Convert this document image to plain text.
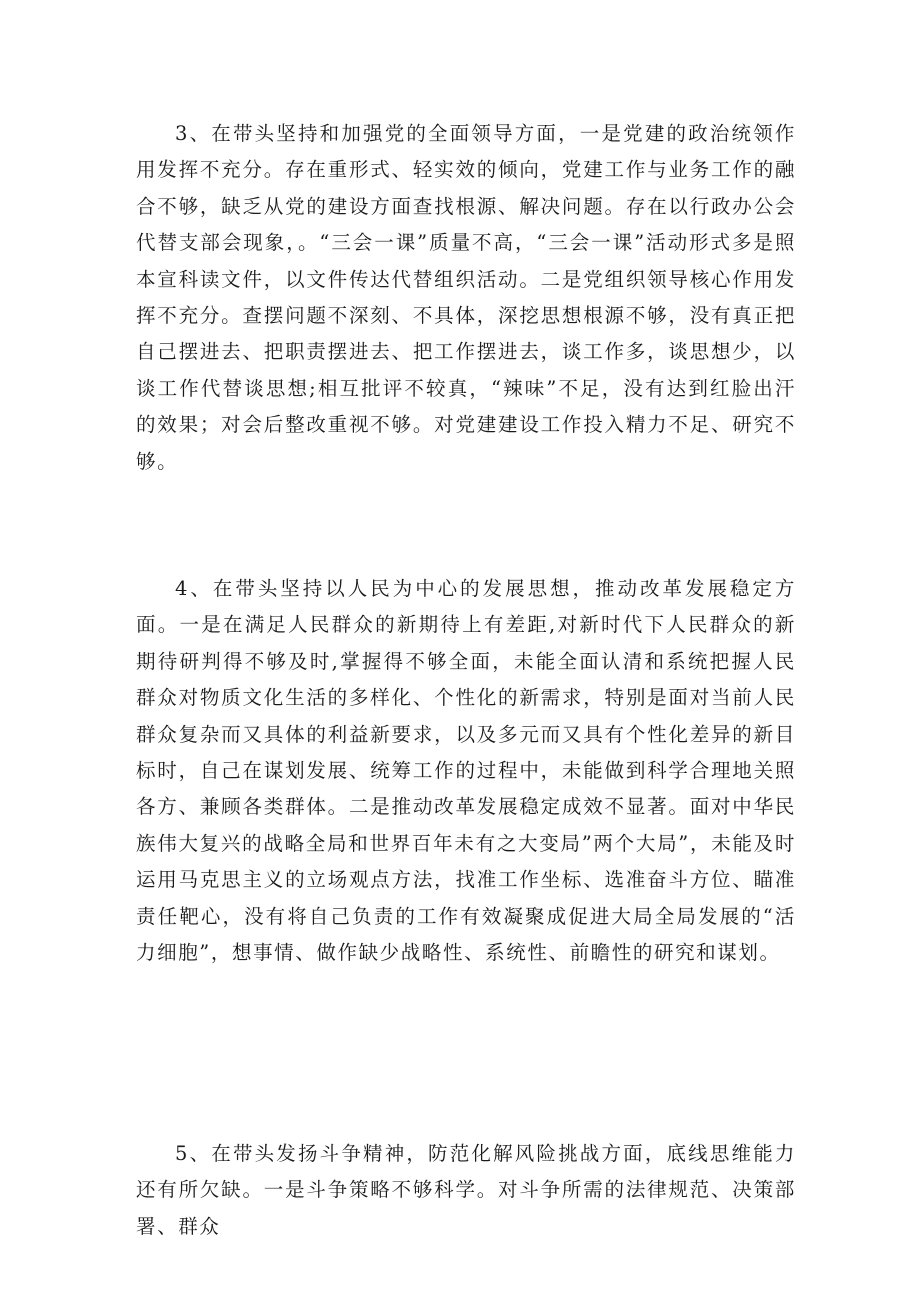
3、在带头坚持和加强党的全面领导方面，一是党建的政治统领作用发挥不充分。存在重形式、轻实效的倾向，党建工作与业务工作的融合不够，缺乏从党的建设方面查找根源、解决问题。存在以行政办公会代替支部会现象，。“三会一课”质量不高，“三会一课”活动形式多是照本宣科读文件，以文件传达代替组织活动。二是党组织领导核心作用发挥不充分。查摆问题不深刻、不具体，深挖思想根源不够，没有真正把自己摆进去、把职责摆进去、把工作摆进去，谈工作多，谈思想少，以谈工作代替谈思想;相互批评不较真，“辣味”不足，没有达到红脸出汗的效果；对会后整改重视不够。对党建建设工作投入精力不足、研究不够。

4、在带头坚持以人民为中心的发展思想，推动改革发展稳定方面。一是在满足人民群众的新期待上有差距,对新时代下人民群众的新期待研判得不够及时,掌握得不够全面，未能全面认清和系统把握人民群众对物质文化生活的多样化、个性化的新需求，特别是面对当前人民群众复杂而又具体的利益新要求，以及多元而又具有个性化差异的新目标时，自己在谋划发展、统筹工作的过程中，未能做到科学合理地关照各方、兼顾各类群体。二是推动改革发展稳定成效不显著。面对中华民族伟大复兴的战略全局和世界百年未有之大变局”两个大局”，未能及时运用马克思主义的立场观点方法，找准工作坐标、选准奋斗方位、瞄准责任靶心，没有将自己负责的工作有效凝聚成促进大局全局发展的“活力细胞”，想事情、做作缺少战略性、系统性、前瞻性的研究和谋划。

5、在带头发扬斗争精神，防范化解风险挑战方面，底线思维能力还有所欠缺。一是斗争策略不够科学。对斗争所需的法律规范、决策部署、群众
